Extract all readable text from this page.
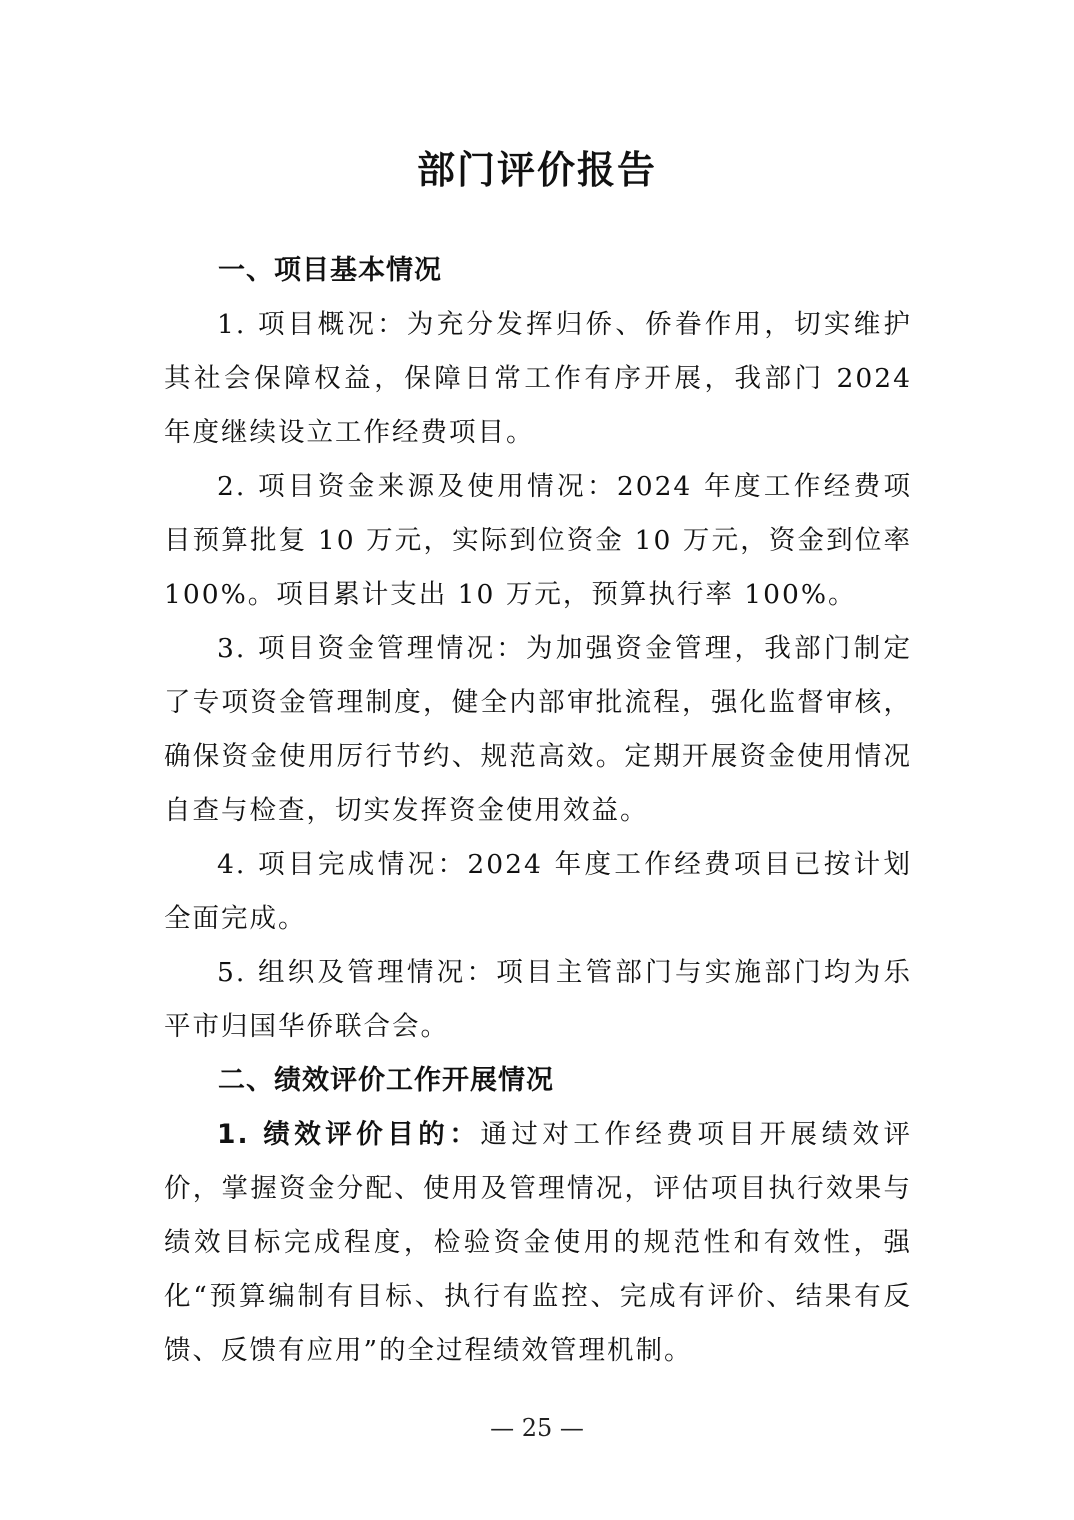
部门评价报告

一、项目基本情况

1. 项目概况：为充分发挥归侨、侨眷作用，切实维护其社会保障权益，保障日常工作有序开展，我部门 2024 年度继续设立工作经费项目。

2. 项目资金来源及使用情况：2024 年度工作经费项目预算批复 10 万元，实际到位资金 10 万元，资金到位率 100%。项目累计支出 10 万元，预算执行率 100%。

3. 项目资金管理情况：为加强资金管理，我部门制定了专项资金管理制度，健全内部审批流程，强化监督审核，确保资金使用厉行节约、规范高效。定期开展资金使用情况自查与检查，切实发挥资金使用效益。

4. 项目完成情况：2024 年度工作经费项目已按计划全面完成。

5. 组织及管理情况：项目主管部门与实施部门均为乐平市归国华侨联合会。

二、绩效评价工作开展情况

1. 绩效评价目的：通过对工作经费项目开展绩效评价，掌握资金分配、使用及管理情况，评估项目执行效果与绩效目标完成程度，检验资金使用的规范性和有效性，强化“预算编制有目标、执行有监控、完成有评价、结果有反馈、反馈有应用”的全过程绩效管理机制。

— 25 —
